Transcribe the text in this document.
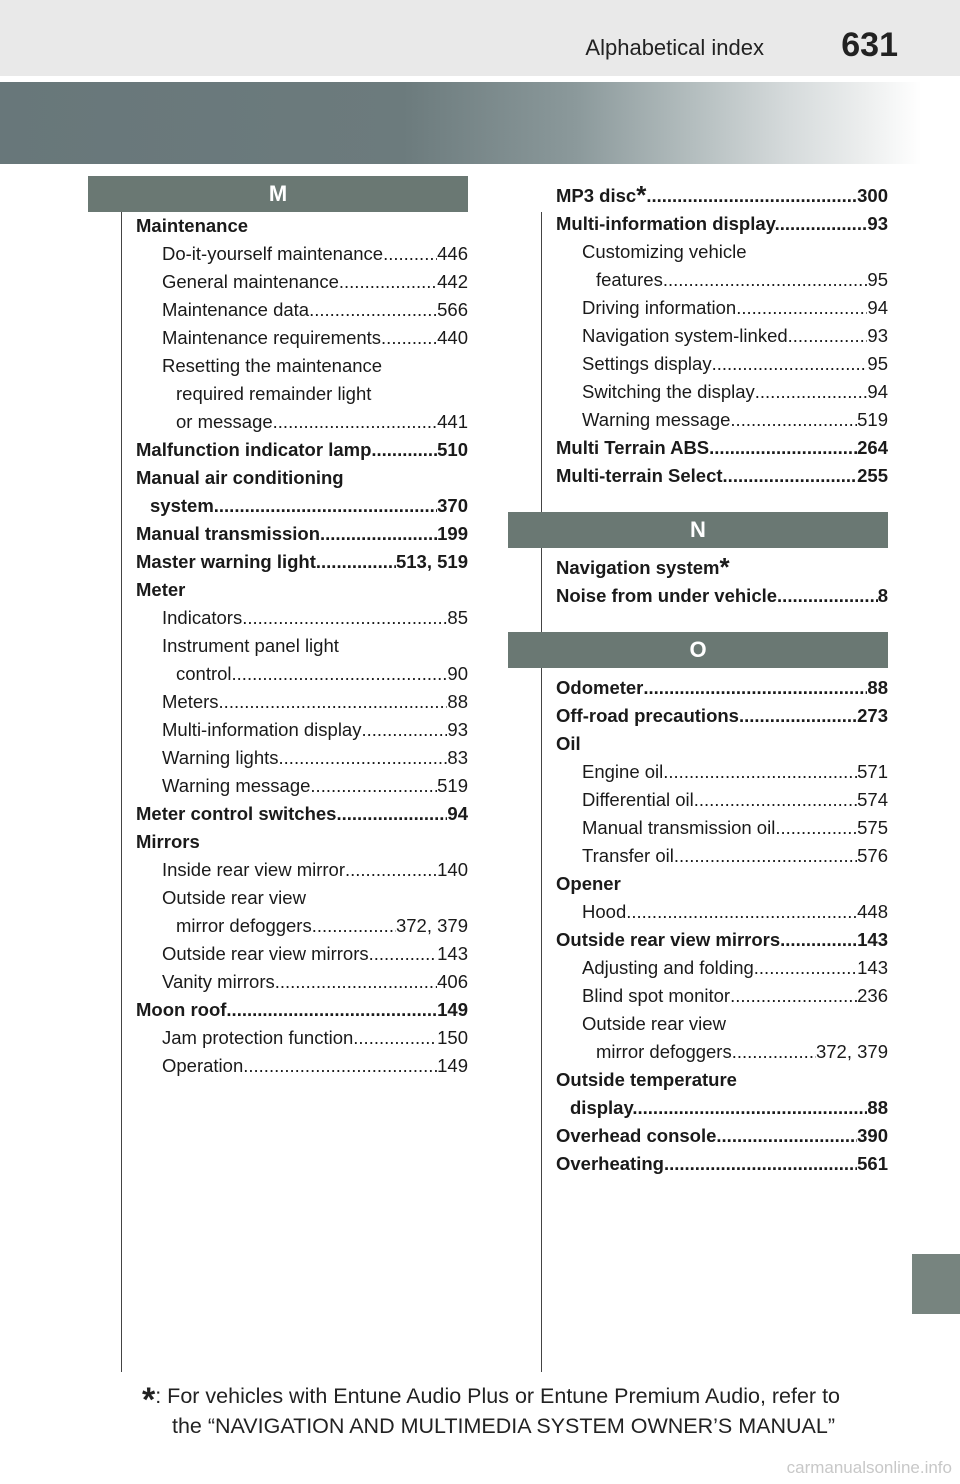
Alphabetical index 631
M
Maintenance
Do-it-yourself maintenance .....	446
General maintenance .....	442
Maintenance data .....	566
Maintenance requirements .....	440
Resetting the maintenance
required remainder light
or message. .....	441
Malfunction indicator lamp .....	510
Manual air conditioning
system .....	370
Manual transmission .....	199
Master warning light. .....	513, 519
Meter
Indicators .....	85
Instrument panel light
control. .....	90
Meters .....	88
Multi-information display .....	93
Warning lights .....	83
Warning message .....	519
Meter control switches. .....	94
Mirrors
Inside rear view mirror .....	140
Outside rear view
mirror defoggers .....	372, 379
Outside rear view mirrors. .....	143
Vanity mirrors. .....	406
Moon roof .....	149
Jam protection function. .....	150
Operation .....	149
MP3 disc* .....	300
Multi-information display. .....	93
Customizing vehicle
features .....	95
Driving information. .....	94
Navigation system-linked. .....	93
Settings display .....	95
Switching the display .....	94
Warning message .....	519
Multi Terrain ABS .....	264
Multi-terrain Select .....	255
N
Navigation system*
Noise from under vehicle .....	8
O
Odometer .....	88
Off-road precautions .....	273
Oil
Engine oil .....	571
Differential oil .....	574
Manual transmission oil .....	575
Transfer oil. .....	576
Opener
Hood .....	448
Outside rear view mirrors .....	143
Adjusting and folding .....	143
Blind spot monitor .....	236
Outside rear view
mirror defoggers .....	372, 379
Outside temperature
display. .....	88
Overhead console .....	390
Overheating .....	561
*: For vehicles with Entune Audio Plus or Entune Premium Audio, refer to
the “NAVIGATION AND MULTIMEDIA SYSTEM OWNER’S MANUAL”
carmanualsonline.info
